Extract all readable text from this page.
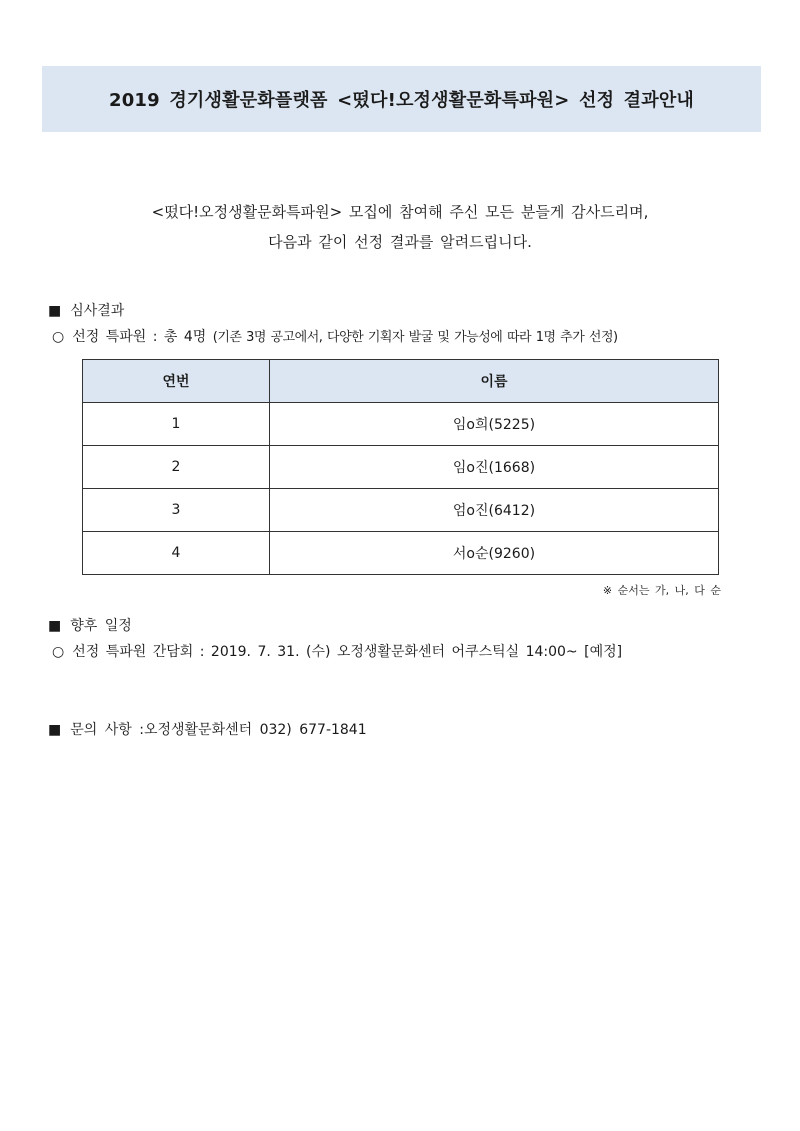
2019 경기생활문화플랫폼 <떴다!오정생활문화특파원> 선정 결과안내

<떴다!오정생활문화특파원> 모집에 참여해 주신 모든 분들게 감사드리며,

다음과 같이 선정 결과를 알려드립니다.

■ 심사결과
○ 선정 특파원 : 총 4명 (기존 3명 공고에서, 다양한 기획자 발굴 및 가능성에 따라 1명 추가 선정)
연번	이름
1	임o희(5225)
2	임o진(1668)
3	엄o진(6412)
4	서o순(9260)
※ 순서는 가, 나, 다 순
■ 향후 일정
○ 선정 특파원 간담회 : 2019. 7. 31. (수) 오정생활문화센터 어쿠스틱실 14:00~ [예정]
■ 문의 사항 :오정생활문화센터 032) 677-1841
